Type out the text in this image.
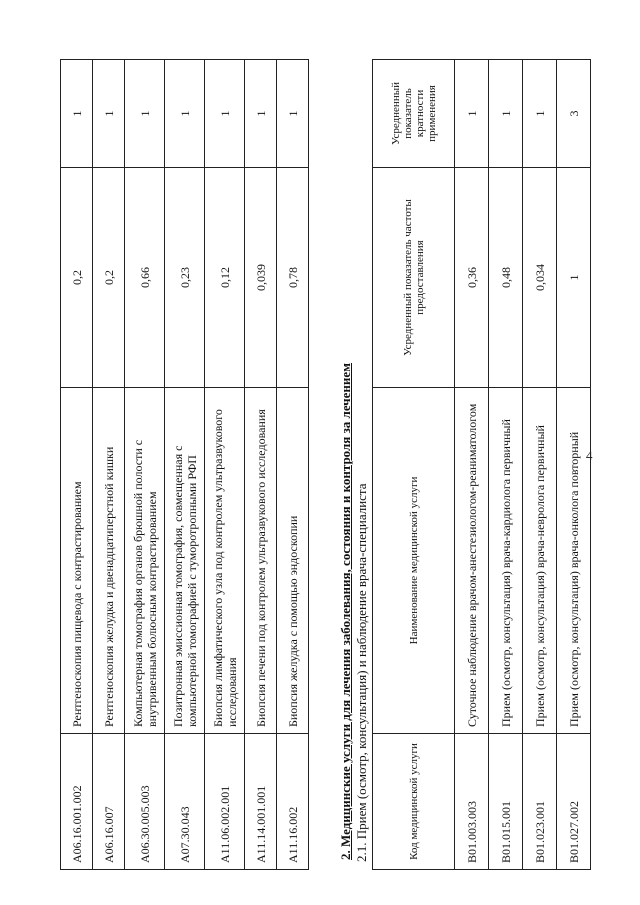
4
A06.16.001.002	Рентгеноскопия пищевода с контрастированием	0,2	1
A06.16.007	Рентгеноскопия желудка и двенадцатиперстной кишки	0,2	1
A06.30.005.003	Компьютерная томография органов брюшной полости с внутривенным болюсным контрастированием	0,66	1
A07.30.043	Позитронная эмиссионная томография, совмещенная с компьютерной томографией с туморотропными РФП	0,23	1
A11.06.002.001	Биопсия лимфатического узла под контролем ультразвукового исследования	0,12	1
A11.14.001.001	Биопсия печени под контролем ультразвукового исследования	0,039	1
A11.16.002	Биопсия желудка с помощью эндоскопии	0,78	1
2. Медицинские услуги для лечения заболевания, состояния и контроля за лечением 2.1. Прием (осмотр, консультация) и наблюдение врача-специалиста	Код медицинской услуги	Наименование медицинской услуги	Усредненный показатель частоты предоставления	Усредненный показатель кратности применения
B01.003.003	Суточное наблюдение врачом-анестезиологом-реаниматологом	0,36	1
B01.015.001	Прием (осмотр, консультация) врача-кардиолога первичный	0,48	1
B01.023.001	Прием (осмотр, консультация) врача-невролога первичный	0,034	1
B01.027.002	Прием (осмотр, консультация) врача-онколога повторный	1	3
